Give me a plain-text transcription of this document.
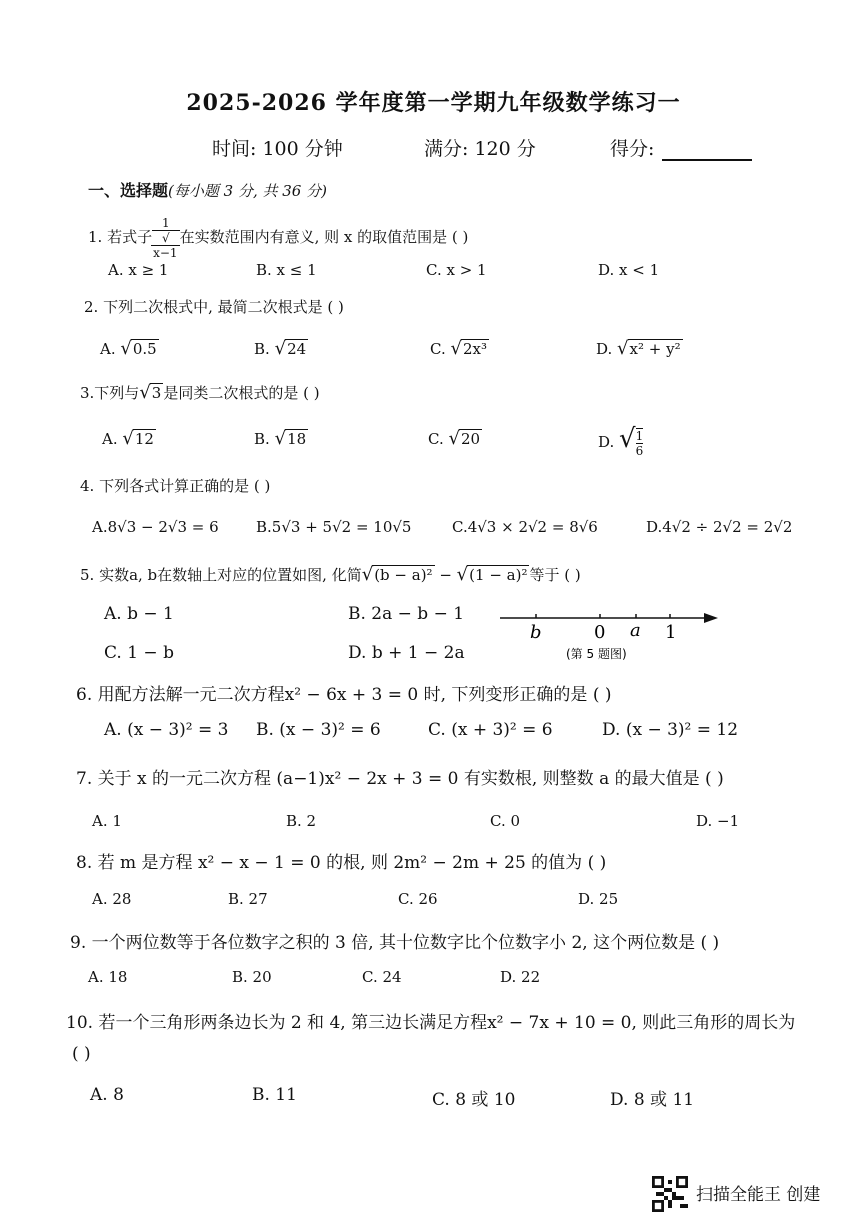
2025-2026 学年度第一学期九年级数学练习一
时间: 100 分钟	满分: 120 分	得分:
一、选择题(每小题 3 分, 共 36 分)
1. 若式子 1
√
x−1 在实数范围内有意义, 则 x 的取值范围是 ( )
A. x ≥ 1	B. x ≤ 1	C. x > 1	D. x < 1
2. 下列二次根式中, 最简二次根式是 ( )
A. √0.5	B. √24	C. √2x³	D. √x² + y²
3.下列与√3 是同类二次根式的是 ( )
A. √12	B. √18	C. √20	D. √ $\frac{1}{6}$
4. 下列各式计算正确的是 ( )
A.8√3 − 2√3 = 6 B.5√3 + 5√2 = 10√5	C.4√3 × 2√2 = 8√6	D.4√2 ÷ 2√2 = 2√2
5. 实数a, b在数轴上对应的位置如图, 化简√(b − a)² − √(1 − a)² 等于 ( )
A. b − 1	B. 2a − b − 1
C. 1 − b	D. b + 1 − 2a
b	0 a 1
(第 5 题图)
6. 用配方法解一元二次方程x² − 6x + 3 = 0 时, 下列变形正确的是 ( )
A. (x − 3)² = 3 B. (x − 3)² = 6	C. (x + 3)² = 6	D. (x − 3)² = 12
7. 关于 x 的一元二次方程 (a−1)x² − 2x + 3 = 0 有实数根, 则整数 a 的最大值是 ( )
A. 1	B. 2	C. 0	D. −1
8. 若 m 是方程 x² − x − 1 = 0 的根, 则 2m² − 2m + 25 的值为 ( )
A. 28	B. 27	C. 26	D. 25
9. 一个两位数等于各位数字之积的 3 倍, 其十位数字比个位数字小 2, 这个两位数是 ( )
A. 18	B. 20	C. 24	D. 22
10. 若一个三角形两条边长为 2 和 4, 第三边长满足方程x² − 7x + 10 = 0, 则此三角形的周长为
( )
A. 8	B. 11	C. 8 或 10	D. 8 或 11
扫描全能王 创建
